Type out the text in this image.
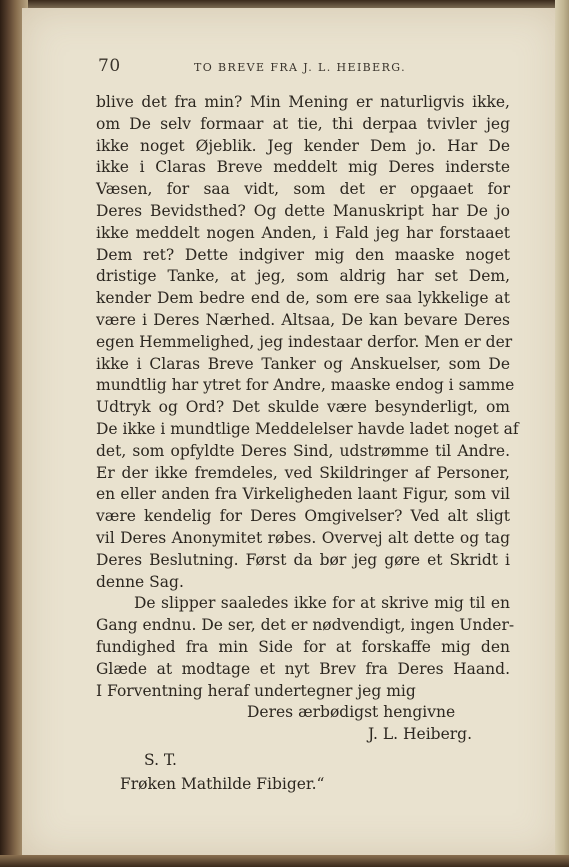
70	TO BREVE FRA J. L. HEIBERG.
blive det fra min? Min Mening er naturligvis ikke,
om De selv formaar at tie, thi derpaa tvivler jeg
ikke noget Øjeblik. Jeg kender Dem jo. Har De
ikke i Claras Breve meddelt mig Deres inderste
Væsen, for saa vidt, som det er opgaaet for
Deres Bevidsthed? Og dette Manuskript har De jo
ikke meddelt nogen Anden, i Fald jeg har forstaaet
Dem ret? Dette indgiver mig den maaske noget
dristige Tanke, at jeg, som aldrig har set Dem,
kender Dem bedre end de, som ere saa lykkelige at
være i Deres Nærhed. Altsaa, De kan bevare Deres
egen Hemmelighed, jeg indestaar derfor. Men er der
ikke i Claras Breve Tanker og Anskuelser, som De
mundtlig har ytret for Andre, maaske endog i samme
Udtryk og Ord? Det skulde være besynderligt, om
De ikke i mundtlige Meddelelser havde ladet noget af
det, som opfyldte Deres Sind, udstrømme til Andre.
Er der ikke fremdeles, ved Skildringer af Personer,
en eller anden fra Virkeligheden laant Figur, som vil
være kendelig for Deres Omgivelser? Ved alt sligt
vil Deres Anonymitet røbes. Overvej alt dette og tag
Deres Beslutning. Først da bør jeg gøre et Skridt i
denne Sag.
De slipper saaledes ikke for at skrive mig til en
Gang endnu. De ser, det er nødvendigt, ingen Under-
fundighed fra min Side for at forskaffe mig den
Glæde at modtage et nyt Brev fra Deres Haand.
I Forventning heraf undertegner jeg mig
Deres ærbødigst hengivne
J. L. Heiberg.
S. T.
Frøken Mathilde Fibiger.“
